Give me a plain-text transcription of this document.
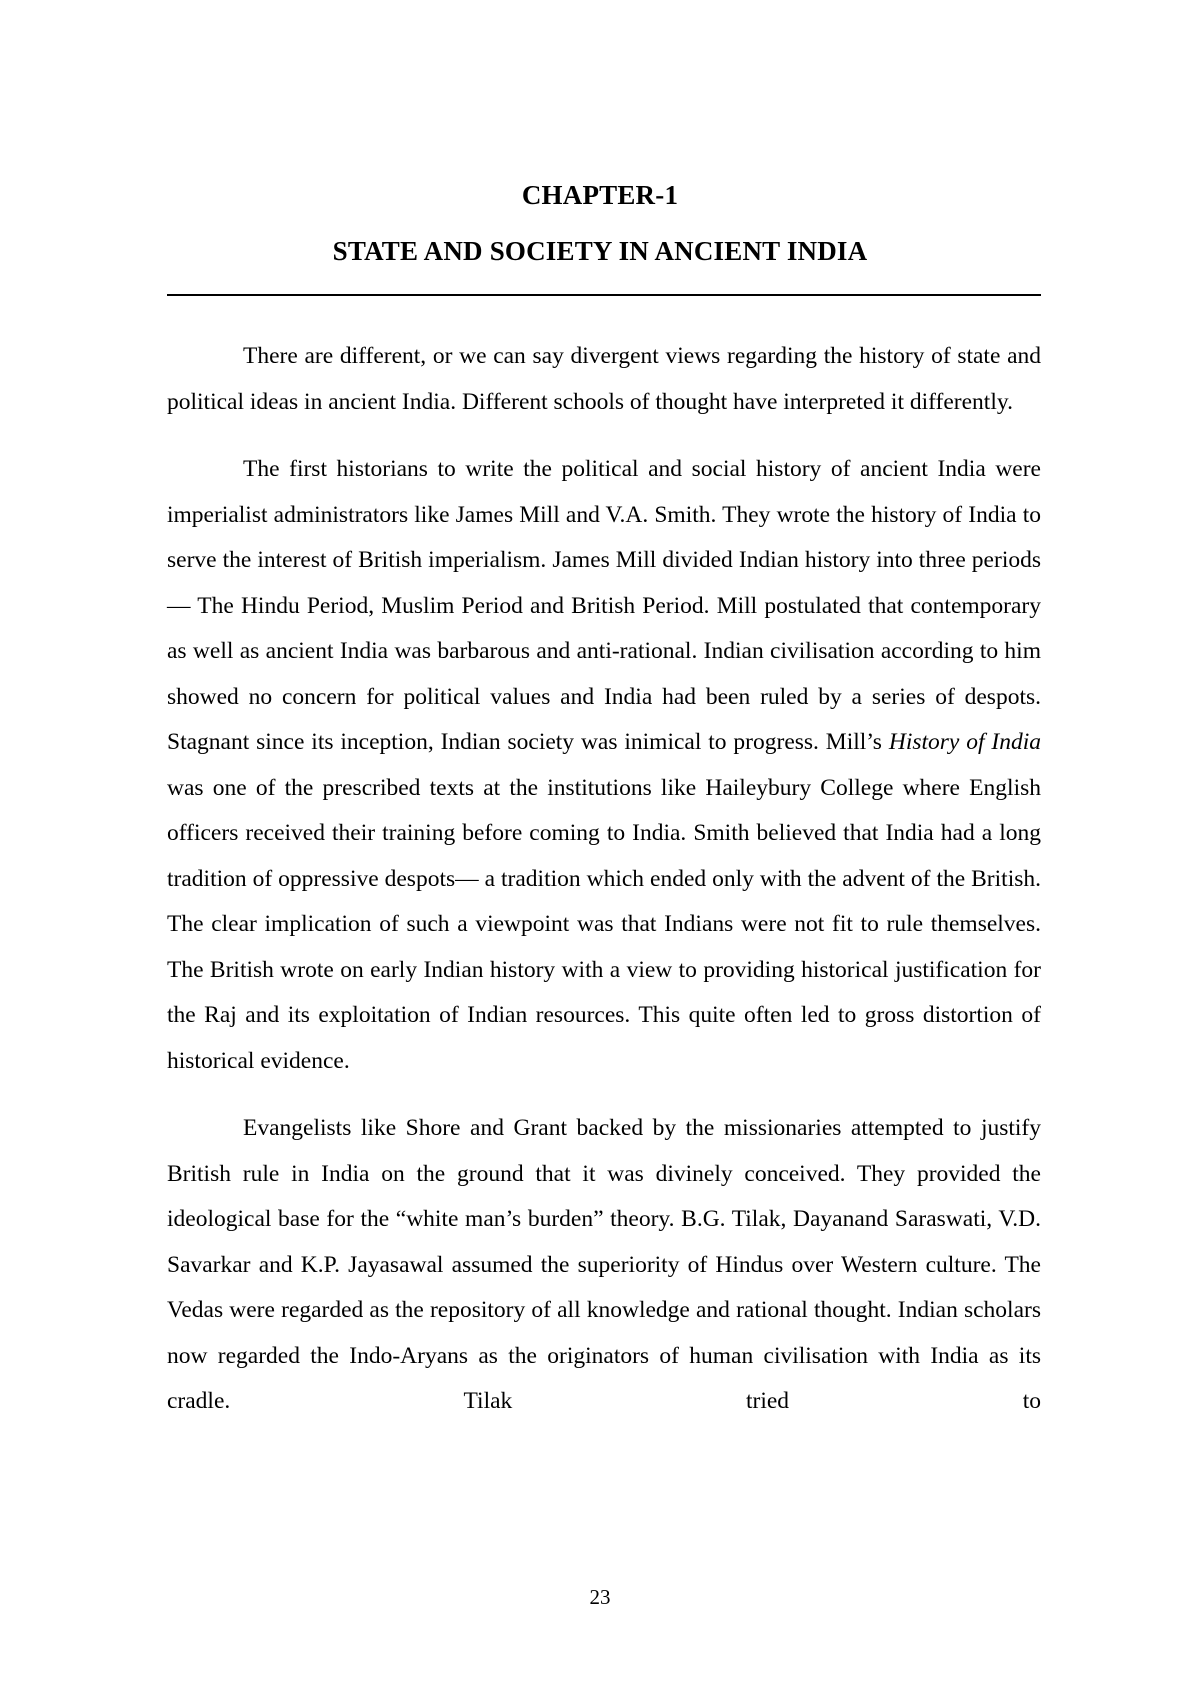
CHAPTER-1
STATE AND SOCIETY IN ANCIENT INDIA

There are different, or we can say divergent views regarding the history of state and political ideas in ancient India. Different schools of thought have interpreted it differently.

The first historians to write the political and social history of ancient India were imperialist administrators like James Mill and V.A. Smith. They wrote the history of India to serve the interest of British imperialism. James Mill divided Indian history into three periods— The Hindu Period, Muslim Period and British Period. Mill postulated that contemporary as well as ancient India was barbarous and anti-rational. Indian civilisation according to him showed no concern for political values and India had been ruled by a series of despots. Stagnant since its inception, Indian society was inimical to progress. Mill’s History of India was one of the prescribed texts at the institutions like Haileybury College where English officers received their training before coming to India. Smith believed that India had a long tradition of oppressive despots— a tradition which ended only with the advent of the British. The clear implication of such a viewpoint was that Indians were not fit to rule themselves. The British wrote on early Indian history with a view to providing historical justification for the Raj and its exploitation of Indian resources. This quite often led to gross distortion of historical evidence.

Evangelists like Shore and Grant backed by the missionaries attempted to justify British rule in India on the ground that it was divinely conceived. They provided the ideological base for the “white man’s burden” theory. B.G. Tilak, Dayanand Saraswati, V.D. Savarkar and K.P. Jayasawal assumed the superiority of Hindus over Western culture. The Vedas were regarded as the repository of all knowledge and rational thought. Indian scholars now regarded the Indo-Aryans as the originators of human civilisation with India as its cradle. Tilak tried to

23
